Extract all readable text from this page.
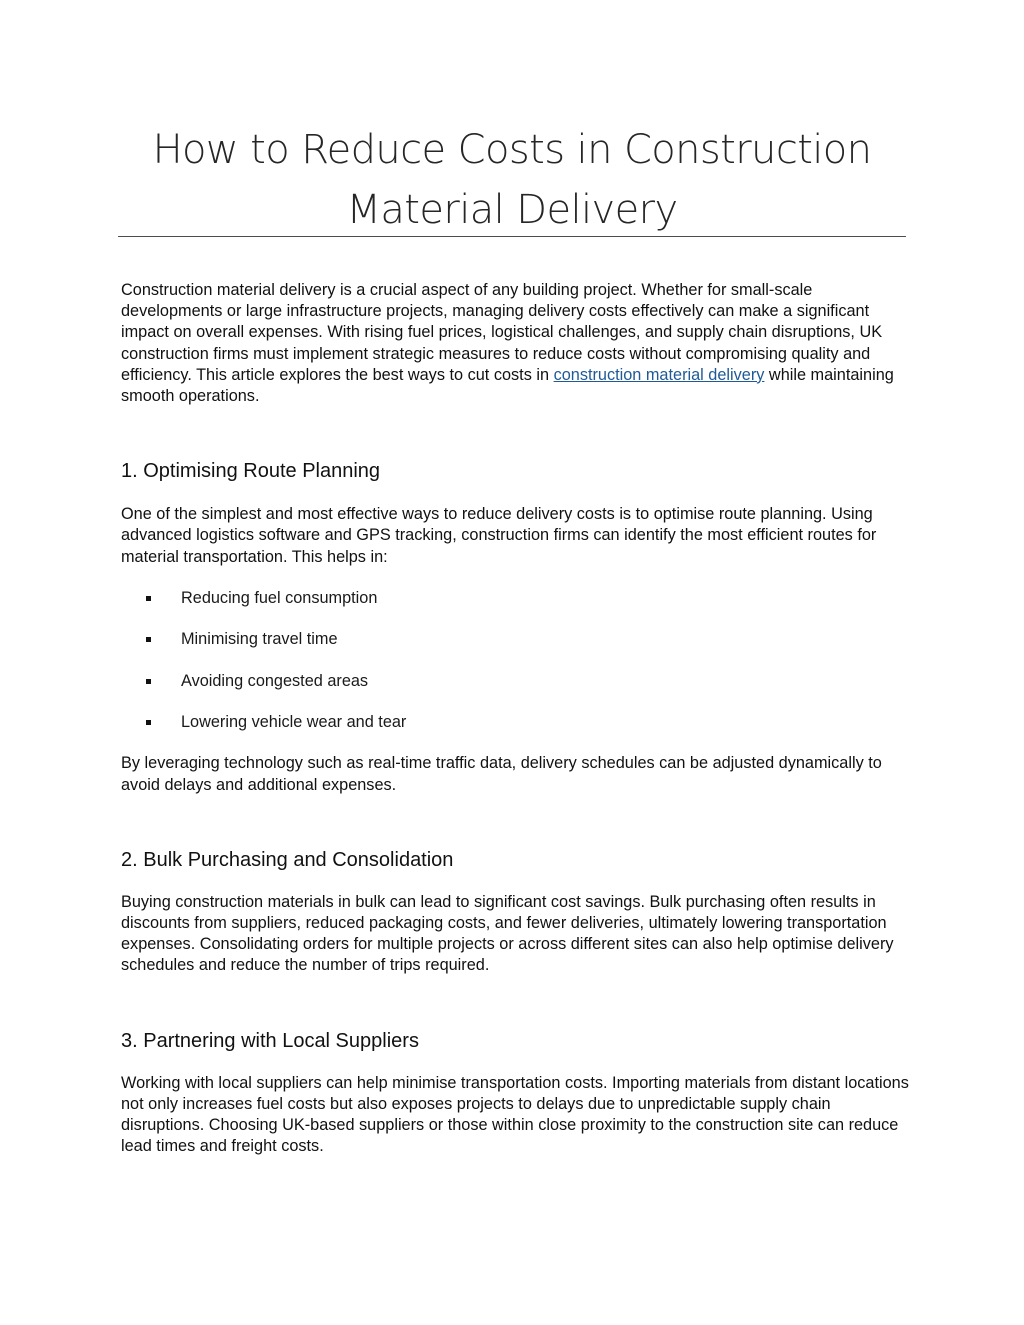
How to Reduce Costs in Construction
Material Delivery

Construction material delivery is a crucial aspect of any building project. Whether for small-scale developments or large infrastructure projects, managing delivery costs effectively can make a significant impact on overall expenses. With rising fuel prices, logistical challenges, and supply chain disruptions, UK construction firms must implement strategic measures to reduce costs without compromising quality and efficiency. This article explores the best ways to cut costs in construction material delivery while maintaining smooth operations.

1. Optimising Route Planning

One of the simplest and most effective ways to reduce delivery costs is to optimise route planning. Using advanced logistics software and GPS tracking, construction firms can identify the most efficient routes for material transportation. This helps in:

Reducing fuel consumption
Minimising travel time
Avoiding congested areas
Lowering vehicle wear and tear

By leveraging technology such as real-time traffic data, delivery schedules can be adjusted dynamically to avoid delays and additional expenses.

2. Bulk Purchasing and Consolidation

Buying construction materials in bulk can lead to significant cost savings. Bulk purchasing often results in discounts from suppliers, reduced packaging costs, and fewer deliveries, ultimately lowering transportation expenses. Consolidating orders for multiple projects or across different sites can also help optimise delivery schedules and reduce the number of trips required.

3. Partnering with Local Suppliers

Working with local suppliers can help minimise transportation costs. Importing materials from distant locations not only increases fuel costs but also exposes projects to delays due to unpredictable supply chain disruptions. Choosing UK-based suppliers or those within close proximity to the construction site can reduce lead times and freight costs.
